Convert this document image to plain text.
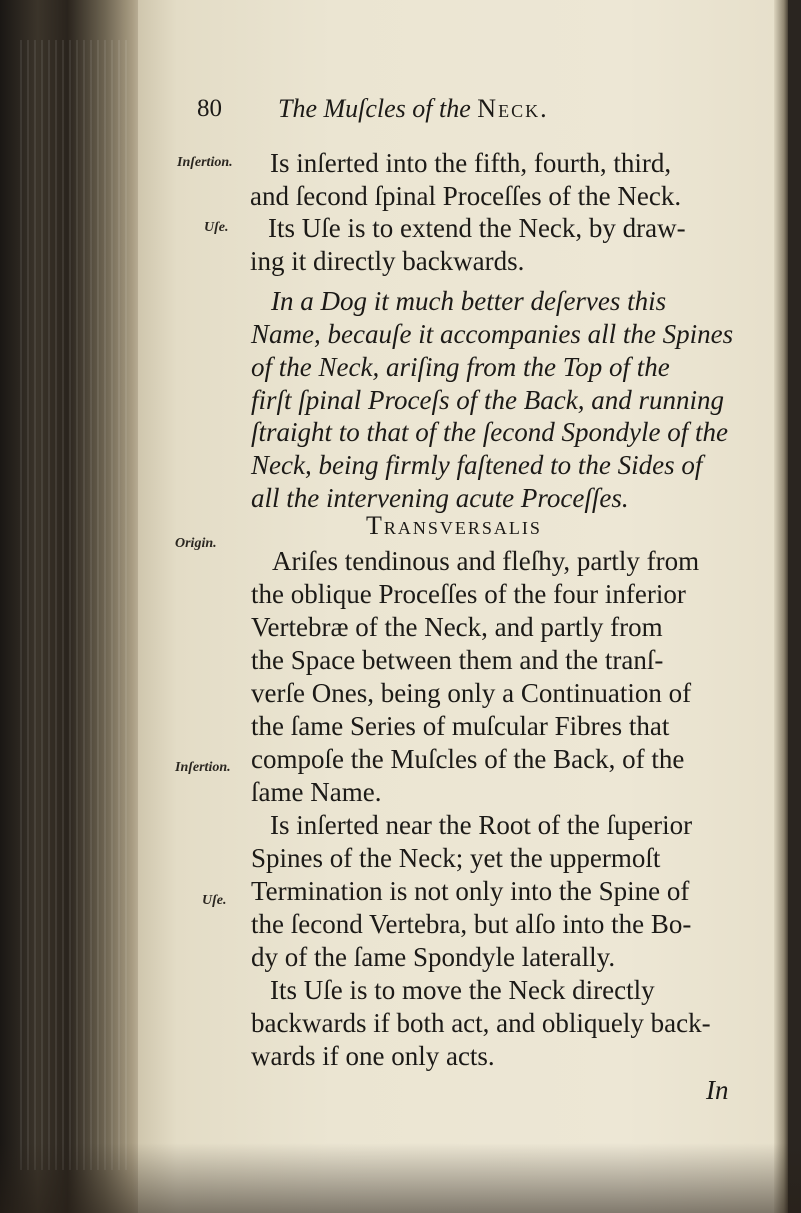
80 The Muſcles of the Neck.
Inſertion.
Uſe.
Origin.
Inſertion.
Uſe.
Is inſerted into the fifth, fourth, third,
and ſecond ſpinal Proceſſes of the Neck.
Its Uſe is to extend the Neck, by draw-
ing it directly backwards.
In a Dog it much better deſerves this
Name, becauſe it accompanies all the Spines
of the Neck, ariſing from the Top of the
firſt ſpinal Proceſs of the Back, and running
ſtraight to that of the ſecond Spondyle of the
Neck, being firmly faſtened to the Sides of
all the intervening acute Proceſſes.
Transversalis
Ariſes tendinous and fleſhy, partly from
the oblique Proceſſes of the four inferior
Vertebræ of the Neck, and partly from
the Space between them and the tranſ-
verſe Ones, being only a Continuation of
the ſame Series of muſcular Fibres that
compoſe the Muſcles of the Back, of the
ſame Name.
Is inſerted near the Root of the ſuperior
Spines of the Neck; yet the uppermoſt
Termination is not only into the Spine of
the ſecond Vertebra, but alſo into the Bo-
dy of the ſame Spondyle laterally.
Its Uſe is to move the Neck directly
backwards if both act, and obliquely back-
wards if one only acts.
In
